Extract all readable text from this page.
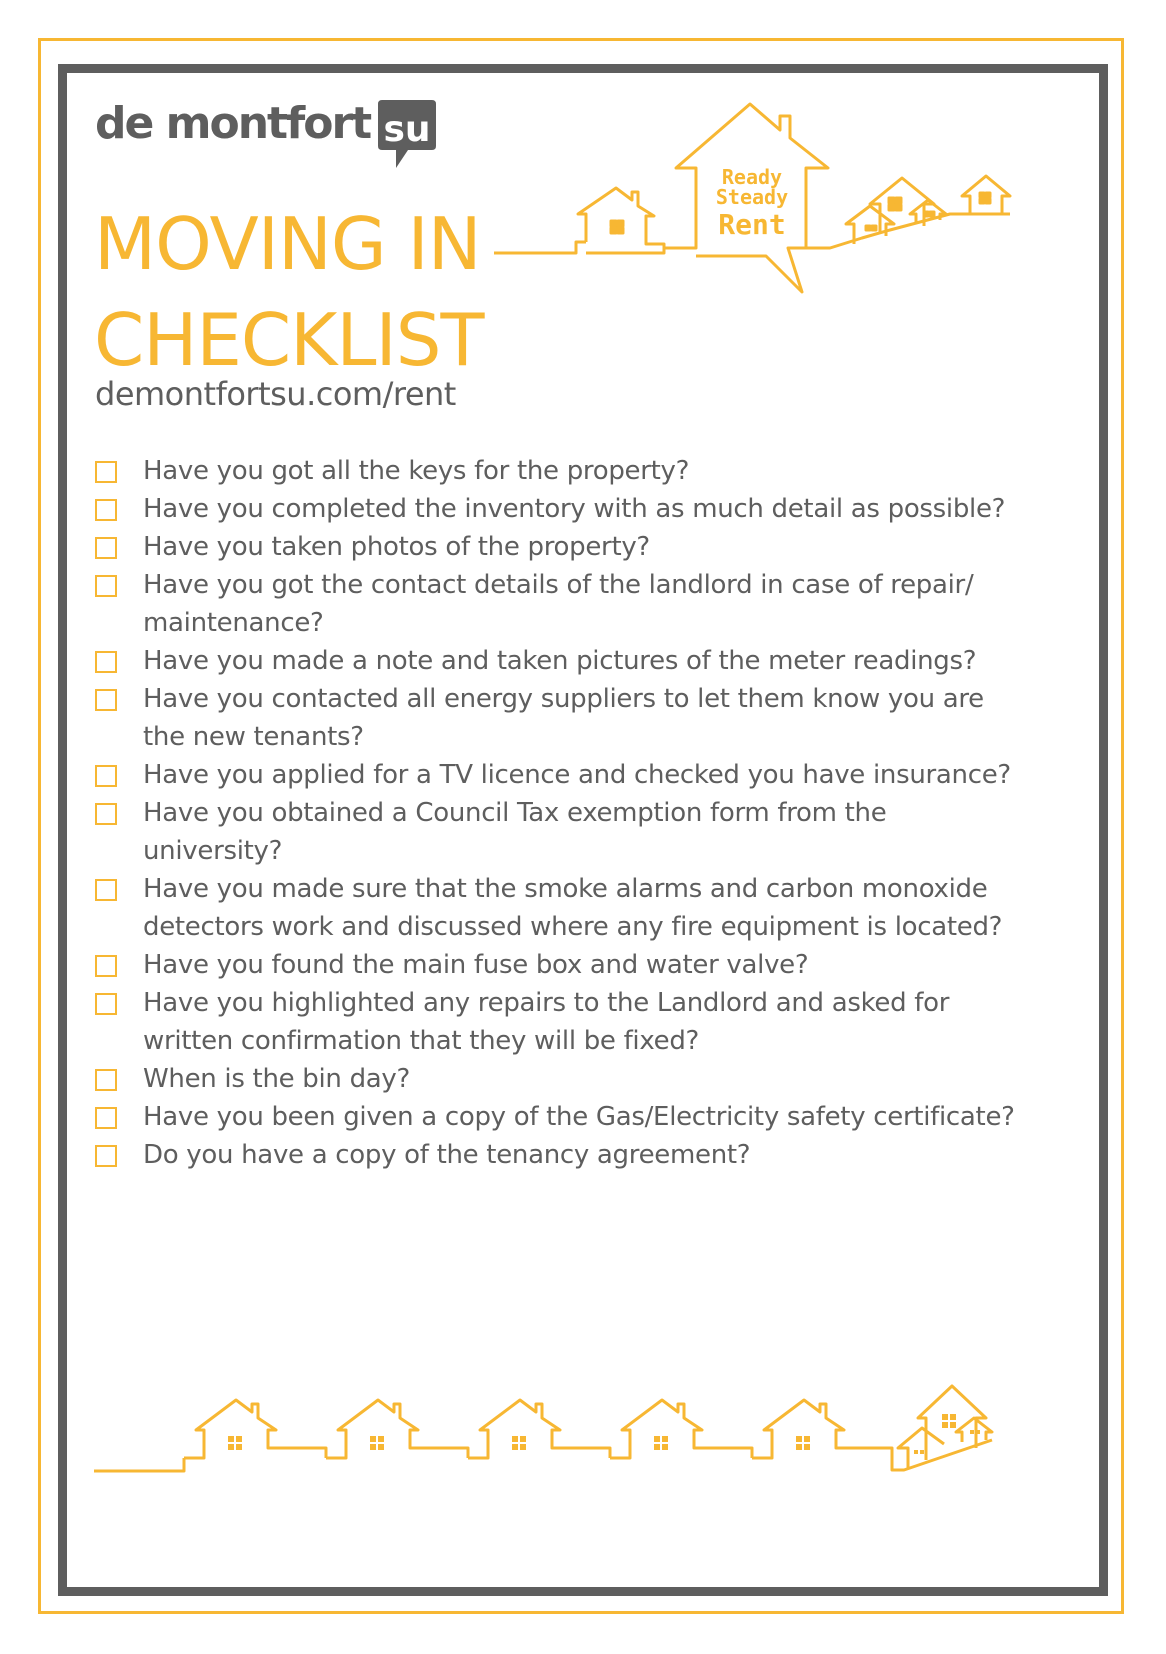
de montfort su
MOVING IN
CHECKLIST
demontfortsu.com/rent
Ready
Steady
Rent
Have you got all the keys for the property?
Have you completed the inventory with as much detail as possible?
Have you taken photos of the property?
Have you got the contact details of the landlord in case of repair/ maintenance?
Have you made a note and taken pictures of the meter readings?
Have you contacted all energy suppliers to let them know you are the new tenants?
Have you applied for a TV licence and checked you have insurance?
Have you obtained a Council Tax exemption form from the university?
Have you made sure that the smoke alarms and carbon monoxide detectors work and discussed where any fire equipment is located?
Have you found the main fuse box and water valve?
Have you highlighted any repairs to the Landlord and asked for written confirmation that they will be fixed?
When is the bin day?
Have you been given a copy of the Gas/Electricity safety certificate?
Do you have a copy of the tenancy agreement?
